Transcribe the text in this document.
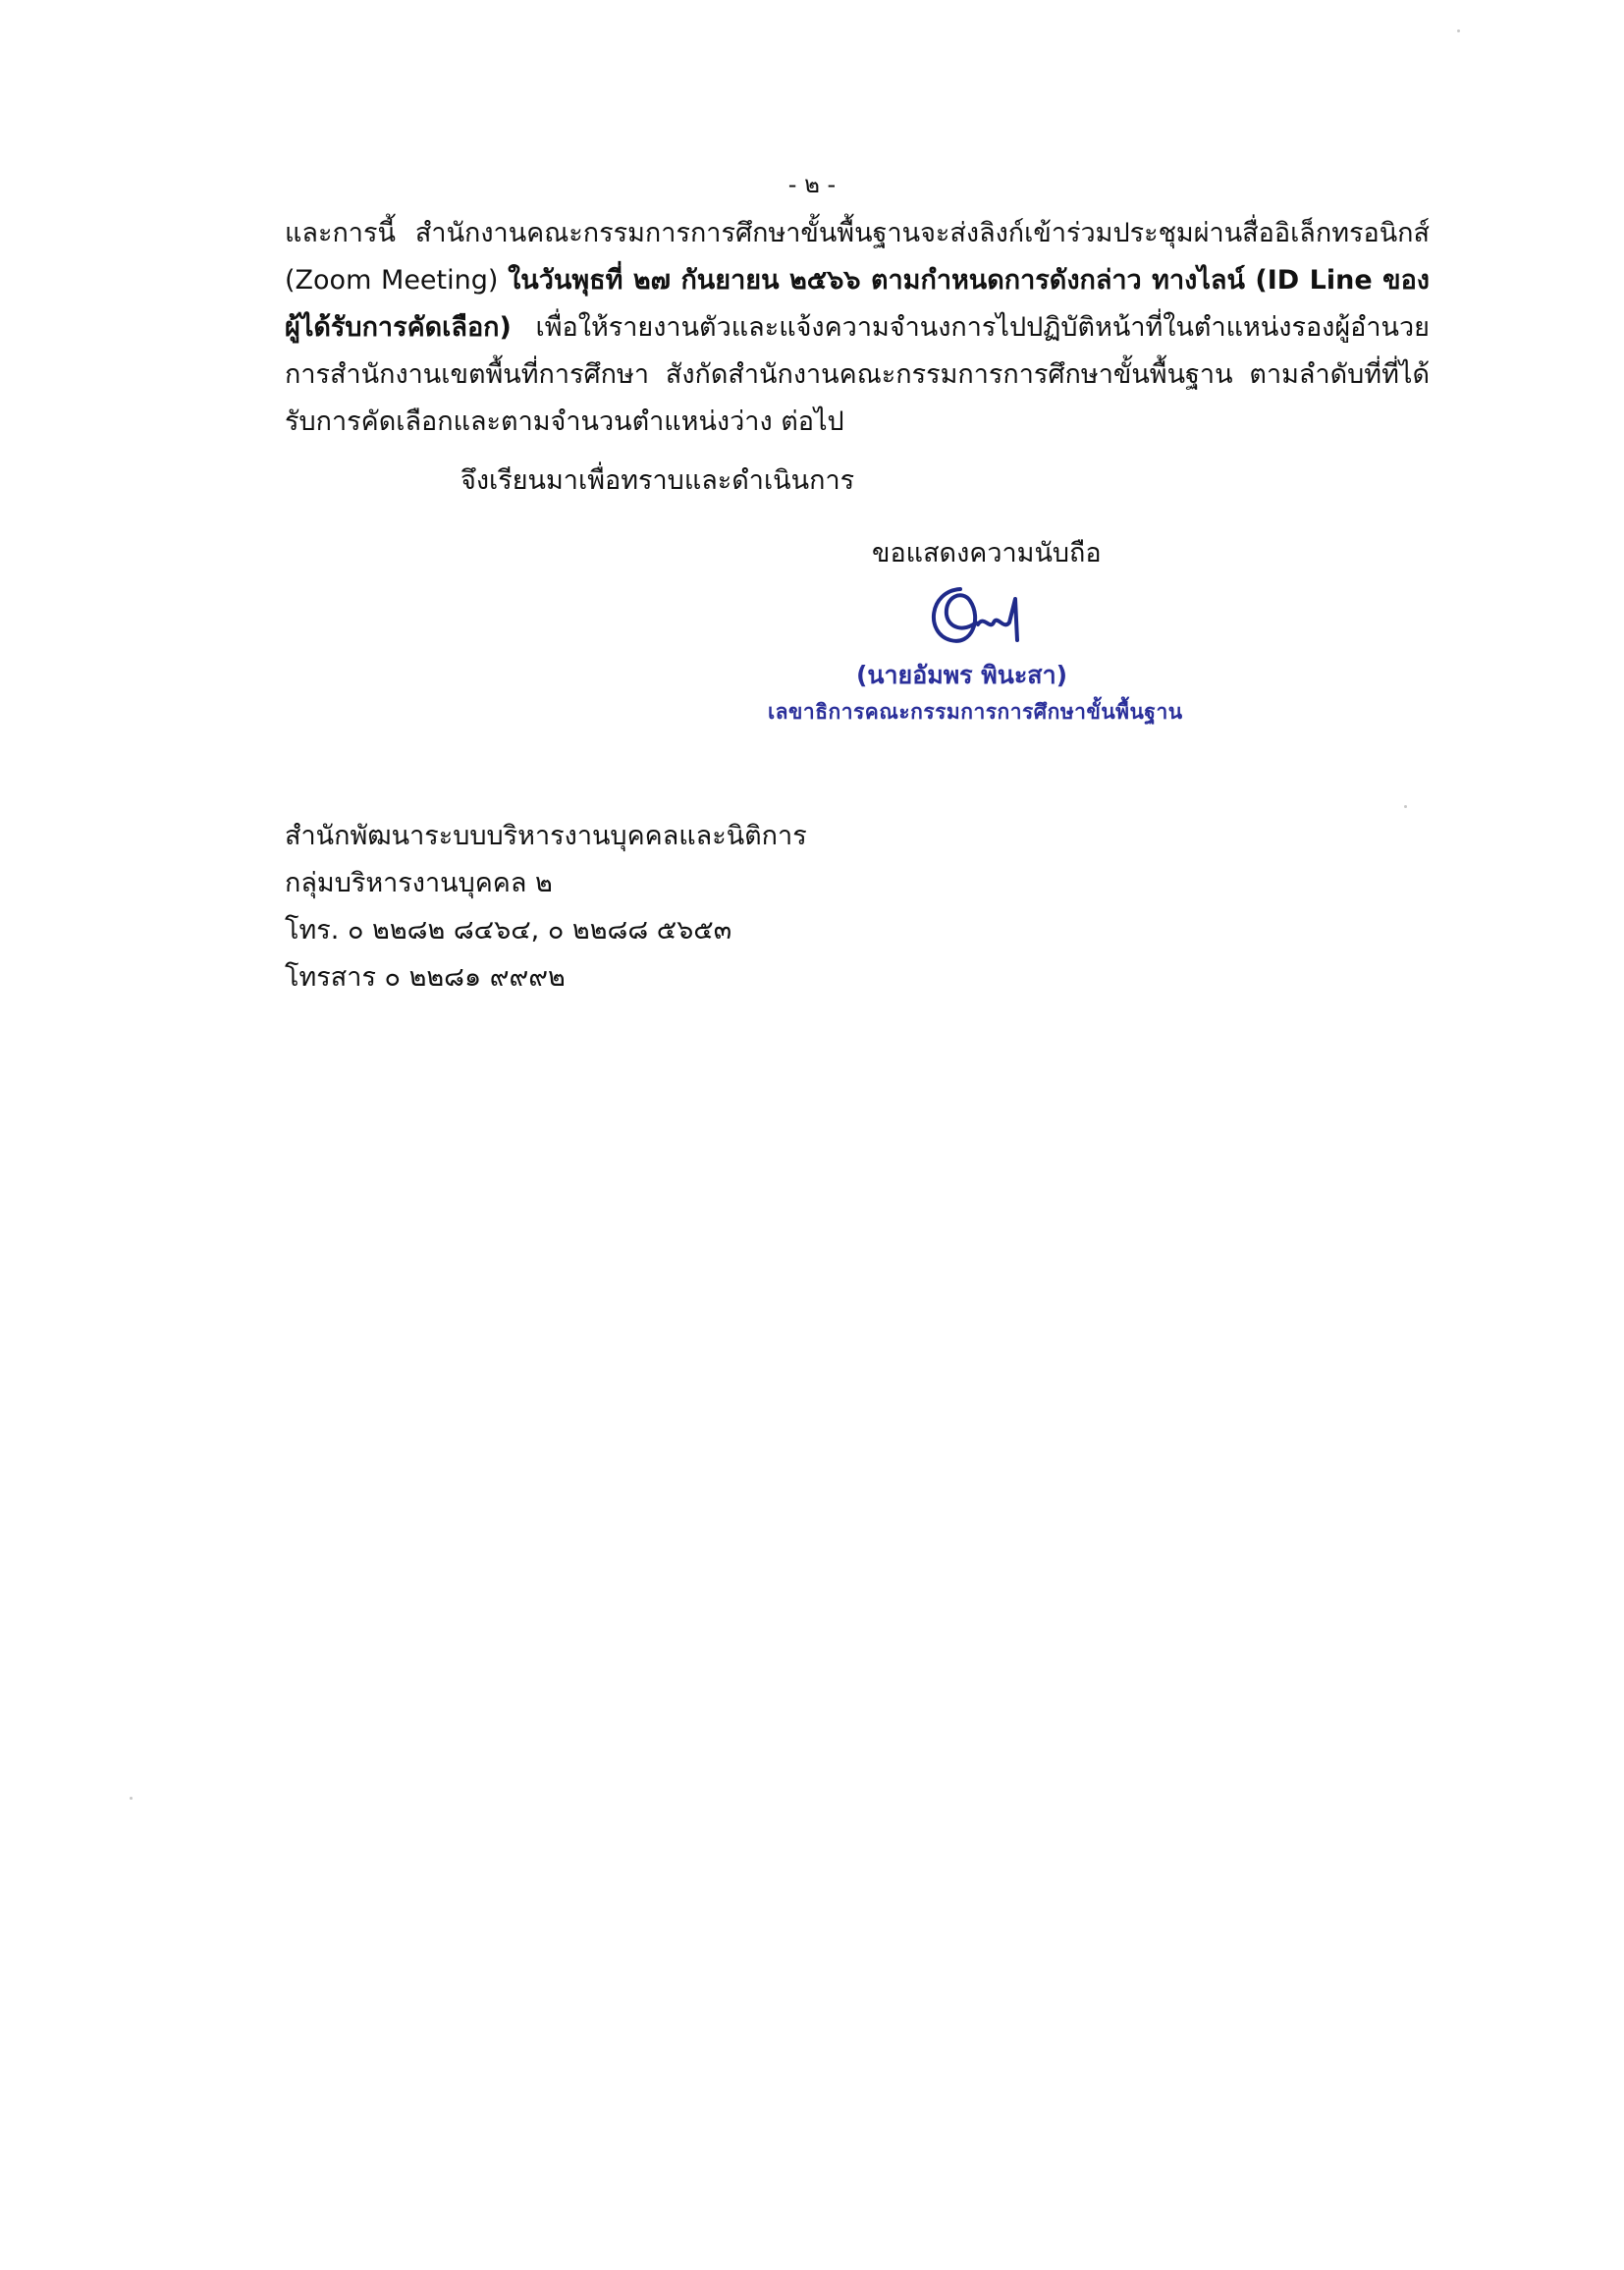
- ๒ -
และการนี้ สำนักงานคณะกรรมการการศึกษาขั้นพื้นฐานจะส่งลิงก์เข้าร่วมประชุมผ่านสื่ออิเล็กทรอนิกส์ (Zoom Meeting) ในวันพุธที่ ๒๗ กันยายน ๒๕๖๖ ตามกำหนดการดังกล่าว ทางไลน์ (ID Line ของผู้ได้รับการคัดเลือก) เพื่อให้รายงานตัวและแจ้งความจำนงการไปปฏิบัติหน้าที่ในตำแหน่งรองผู้อำนวยการสำนักงานเขตพื้นที่การศึกษา สังกัดสำนักงานคณะกรรมการการศึกษาขั้นพื้นฐาน ตามลำดับที่ที่ได้รับการคัดเลือกและตามจำนวนตำแหน่งว่าง ต่อไป
จึงเรียนมาเพื่อทราบและดำเนินการ
ขอแสดงความนับถือ
(นายอัมพร พินะสา)
เลขาธิการคณะกรรมการการศึกษาขั้นพื้นฐาน
สำนักพัฒนาระบบบริหารงานบุคคลและนิติการ
กลุ่มบริหารงานบุคคล ๒
โทร. ๐ ๒๒๘๒ ๘๔๖๔, ๐ ๒๒๘๘ ๕๖๕๓
โทรสาร ๐ ๒๒๘๑ ๙๙๙๒
